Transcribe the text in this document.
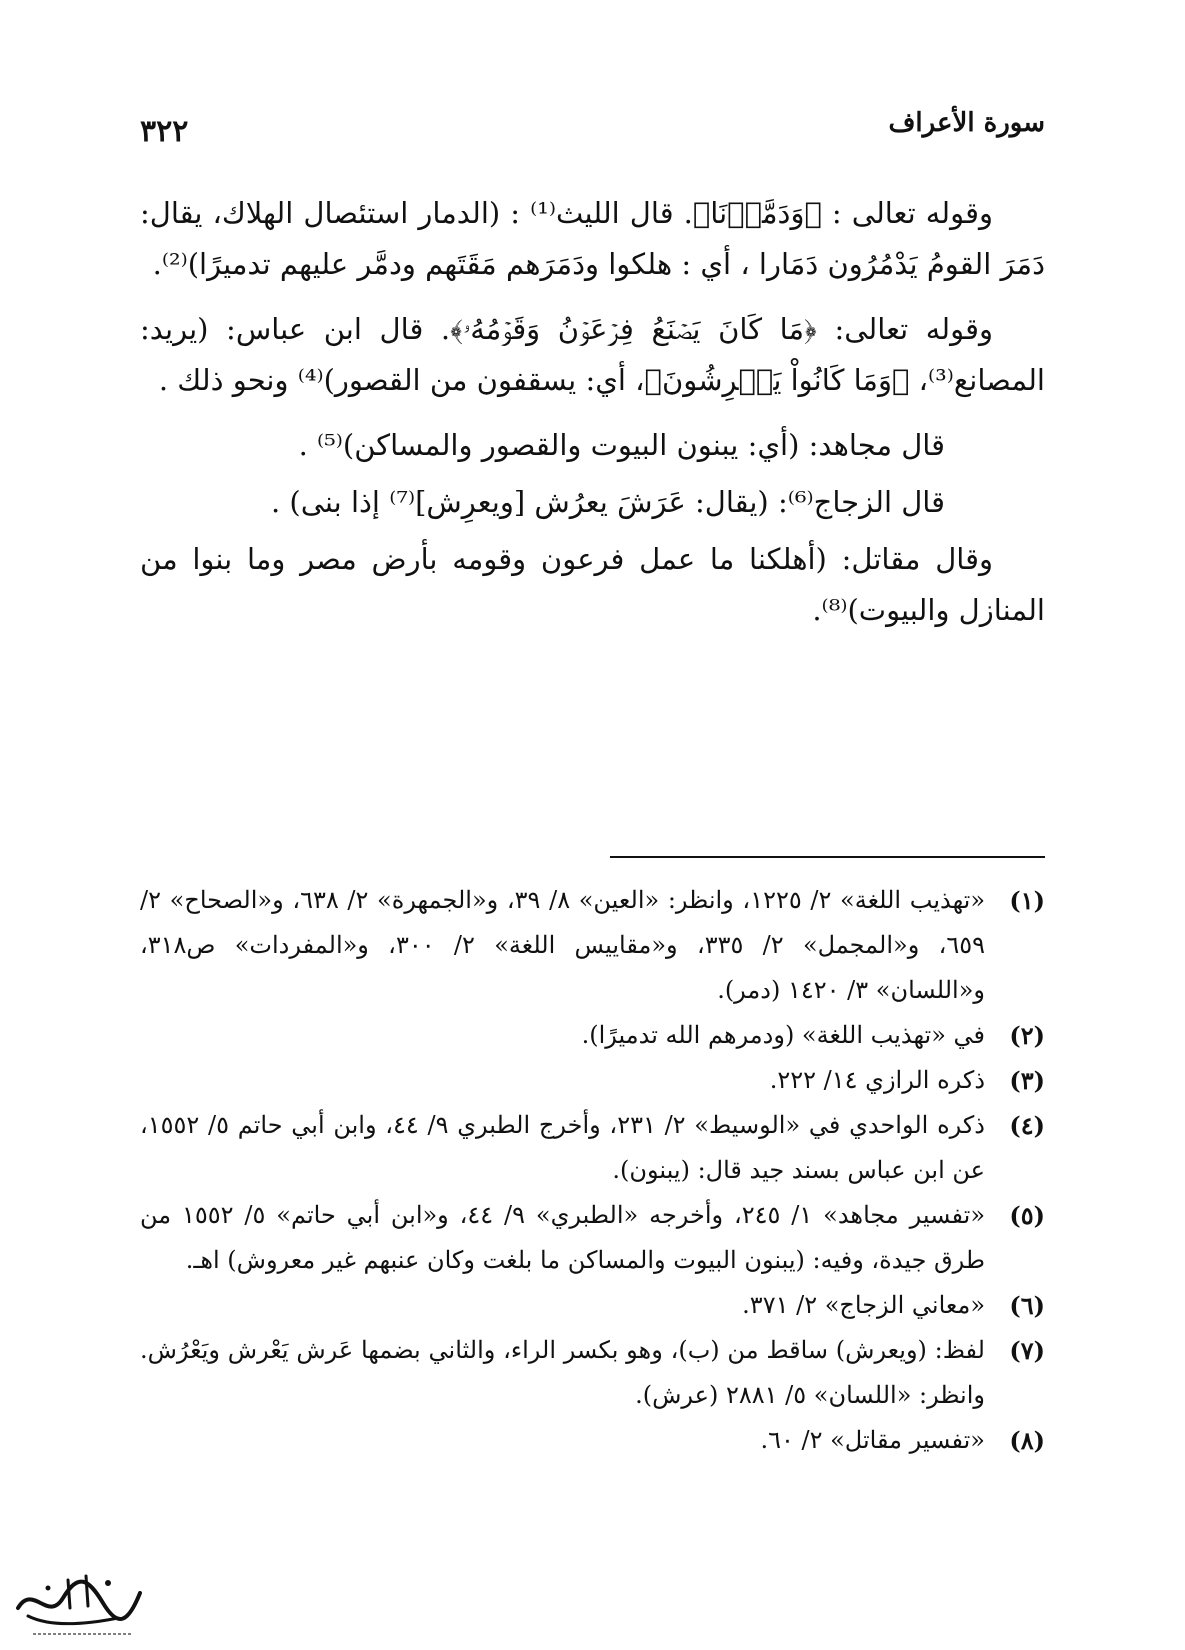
سورة الأعراف
٣٢٢

وقوله تعالى : ﴿وَدَمَّرۡنَا﴾. قال الليث⁽¹⁾ : (الدمار استئصال الهلاك، يقال: دَمَرَ القومُ يَدْمُرُون دَمَارا ، أي : هلكوا ودَمَرَهم مَقَتَهم ودمَّر عليهم تدميرًا)⁽²⁾.

وقوله تعالى: ﴿مَا كَانَ يَصۡنَعُ فِرۡعَوۡنُ وَقَوۡمُهُۥ﴾. قال ابن عباس: (يريد: المصانع⁽³⁾، ﴿وَمَا كَانُواْ يَعۡرِشُونَ﴾، أي: يسقفون من القصور)⁽⁴⁾ ونحو ذلك .

قال مجاهد: (أي: يبنون البيوت والقصور والمساكن)⁽⁵⁾ .

قال الزجاج⁽⁶⁾: (يقال: عَرَشَ يعرُش [ويعرِش]⁽⁷⁾ إذا بنى) .

وقال مقاتل: (أهلكنا ما عمل فرعون وقومه بأرض مصر وما بنوا من المنازل والبيوت)⁽⁸⁾.

(١)
«تهذيب اللغة» ٢/ ١٢٢٥، وانظر: «العين» ٨/ ٣٩، و«الجمهرة» ٢/ ٦٣٨، و«الصحاح» ٢/ ٦٥٩، و«المجمل» ٢/ ٣٣٥، و«مقاييس اللغة» ٢/ ٣٠٠، و«المفردات» ص٣١٨، و«اللسان» ٣/ ١٤٢٠ (دمر).
(٢)
في «تهذيب اللغة» (ودمرهم الله تدميرًا).
(٣)
ذكره الرازي ١٤/ ٢٢٢.
(٤)
ذكره الواحدي في «الوسيط» ٢/ ٢٣١، وأخرج الطبري ٩/ ٤٤، وابن أبي حاتم ٥/ ١٥٥٢، عن ابن عباس بسند جيد قال: (يبنون).
(٥)
«تفسير مجاهد» ١/ ٢٤٥، وأخرجه «الطبري» ٩/ ٤٤، و«ابن أبي حاتم» ٥/ ١٥٥٢ من طرق جيدة، وفيه: (يبنون البيوت والمساكن ما بلغت وكان عنبهم غير معروش) اهـ.
(٦)
«معاني الزجاج» ٢/ ٣٧١.
(٧)
لفظ: (ويعرش) ساقط من (ب)، وهو بكسر الراء، والثاني بضمها عَرش يَعْرش ويَعْرُش. وانظر: «اللسان» ٥/ ٢٨٨١ (عرش).
(٨)
«تفسير مقاتل» ٢/ ٦٠.
